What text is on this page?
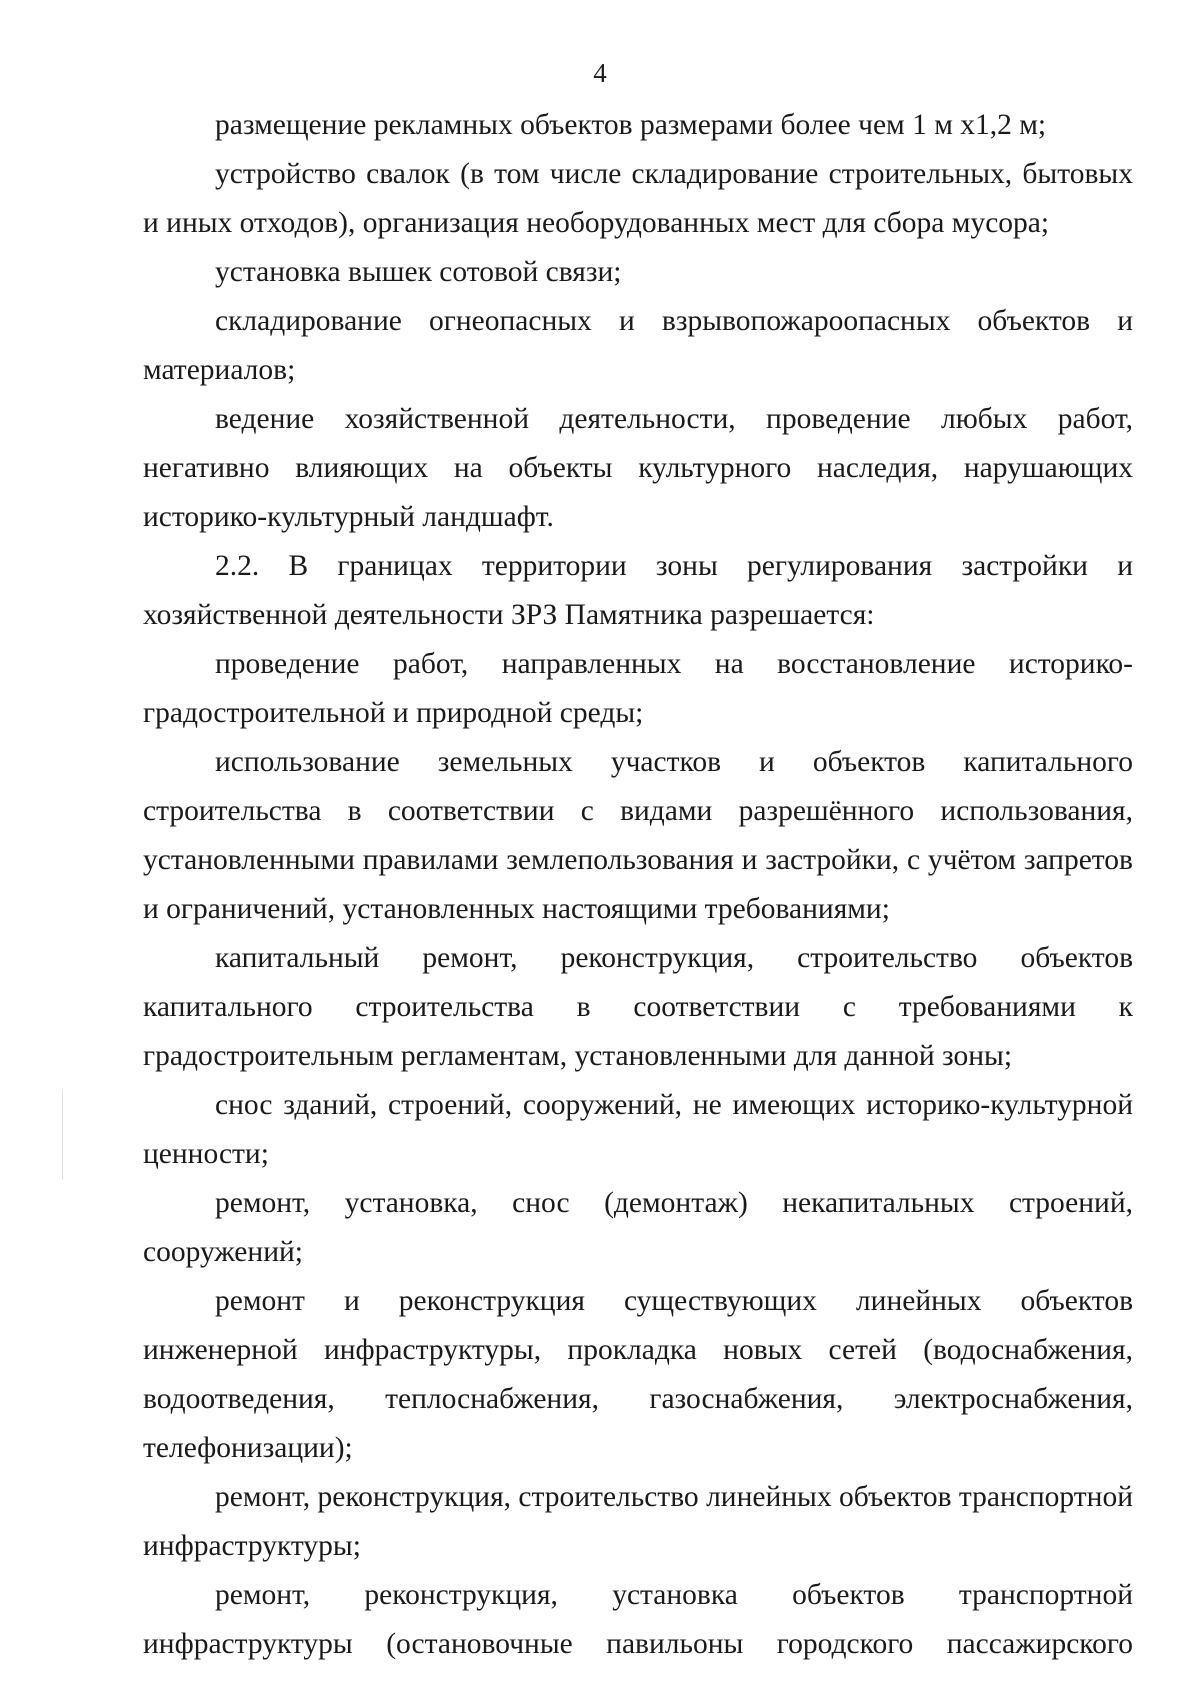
4

размещение рекламных объектов размерами более чем 1 м х1,2 м;

устройство свалок (в том числе складирование строительных, бытовых и иных отходов), организация необорудованных мест для сбора мусора;

установка вышек сотовой связи;

складирование огнеопасных и взрывопожароопасных объектов и материалов;

ведение хозяйственной деятельности, проведение любых работ, негативно влияющих на объекты культурного наследия, нарушающих историко-культурный ландшафт.

2.2. В границах территории зоны регулирования застройки и хозяйственной деятельности ЗРЗ Памятника разрешается:

проведение работ, направленных на восстановление историко-градостроительной и природной среды;

использование земельных участков и объектов капитального строительства в соответствии с видами разрешённого использования, установленными правилами землепользования и застройки, с учётом запретов и ограничений, установленных настоящими требованиями;

капитальный ремонт, реконструкция, строительство объектов капитального строительства в соответствии с требованиями к градостроительным регламентам, установленными для данной зоны;

снос зданий, строений, сооружений, не имеющих историко-культурной ценности;

ремонт, установка, снос (демонтаж) некапитальных строений, сооружений;

ремонт и реконструкция существующих линейных объектов инженерной инфраструктуры, прокладка новых сетей (водоснабжения, водоотведения, теплоснабжения, газоснабжения, электроснабжения, телефонизации);

ремонт, реконструкция, строительство линейных объектов транспортной инфраструктуры;

ремонт, реконструкция, установка объектов транспортной инфраструктуры (остановочные павильоны городского пассажирского
